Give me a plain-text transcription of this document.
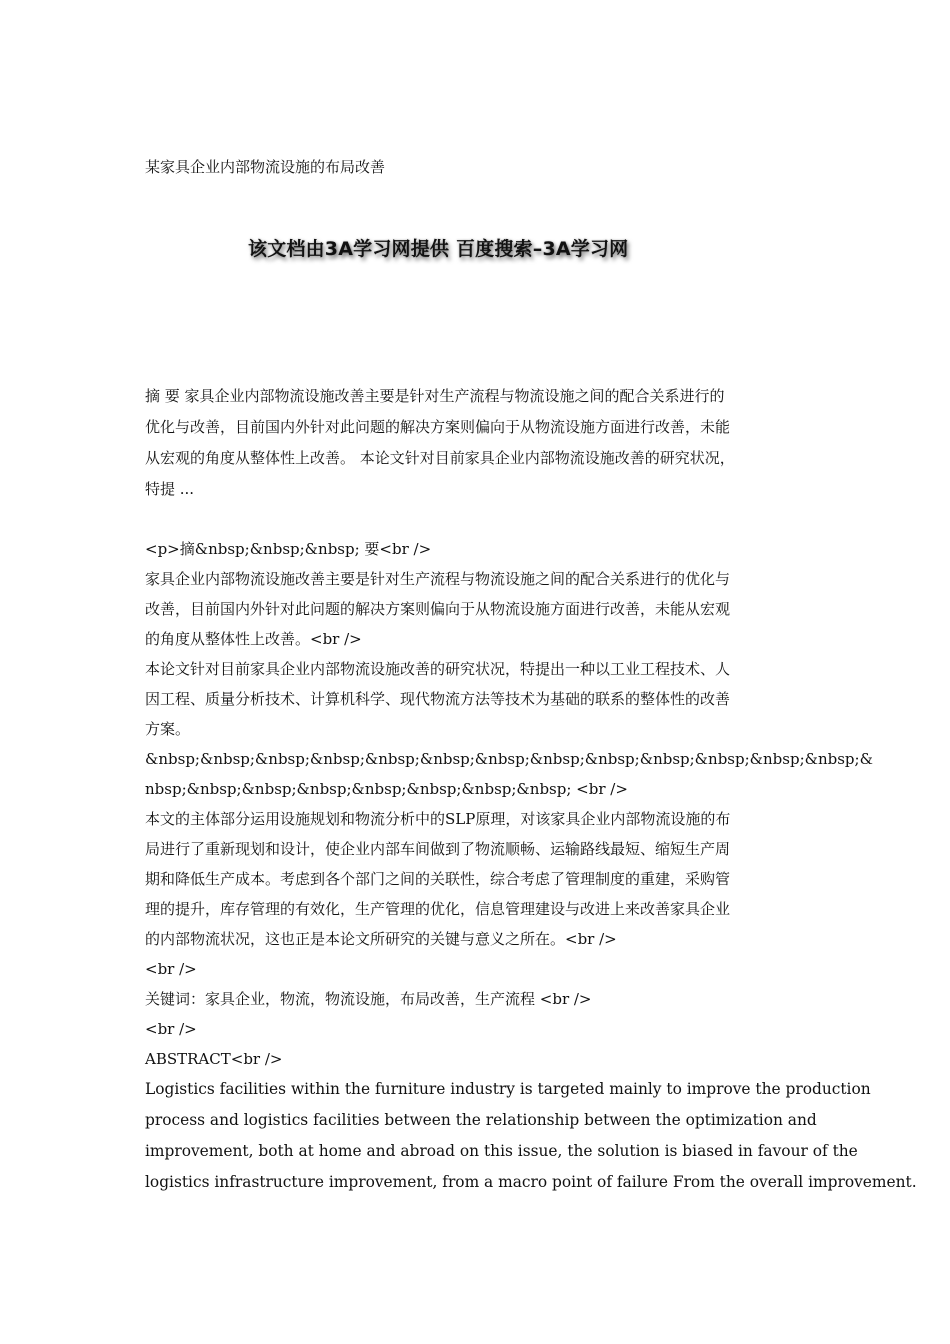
某家具企业内部物流设施的布局改善
该文档由3A学习网提供 百度搜索–3A学习网
摘 要 家具企业内部物流设施改善主要是针对生产流程与物流设施之间的配合关系进行的
优化与改善，目前国内外针对此问题的解决方案则偏向于从物流设施方面进行改善，未能
从宏观的角度从整体性上改善。 本论文针对目前家具企业内部物流设施改善的研究状况，
特提 ...
<p>摘&nbsp;&nbsp;&nbsp; 要<br />
家具企业内部物流设施改善主要是针对生产流程与物流设施之间的配合关系进行的优化与
改善，目前国内外针对此问题的解决方案则偏向于从物流设施方面进行改善，未能从宏观
的角度从整体性上改善。<br />
本论文针对目前家具企业内部物流设施改善的研究状况，特提出一种以工业工程技术、人
因工程、质量分析技术、计算机科学、现代物流方法等技术为基础的联系的整体性的改善
方案。
&nbsp;&nbsp;&nbsp;&nbsp;&nbsp;&nbsp;&nbsp;&nbsp;&nbsp;&nbsp;&nbsp;&nbsp;&nbsp;&
nbsp;&nbsp;&nbsp;&nbsp;&nbsp;&nbsp;&nbsp;&nbsp; <br />
本文的主体部分运用设施规划和物流分析中的SLP原理，对该家具企业内部物流设施的布
局进行了重新现划和设计，使企业内部车间做到了物流顺畅、运输路线最短、缩短生产周
期和降低生产成本。考虑到各个部门之间的关联性，综合考虑了管理制度的重建，采购管
理的提升，库存管理的有效化，生产管理的优化，信息管理建设与改进上来改善家具企业
的内部物流状况，这也正是本论文所研究的关键与意义之所在。<br />
<br />
关键词：家具企业，物流，物流设施，布局改善，生产流程 <br />
<br />
ABSTRACT<br />
Logistics facilities within the furniture industry is targeted mainly to improve the production
process and logistics facilities between the relationship between the optimization and
improvement, both at home and abroad on this issue, the solution is biased in favour of the
logistics infrastructure improvement, from a macro point of failure From the overall improvement.
